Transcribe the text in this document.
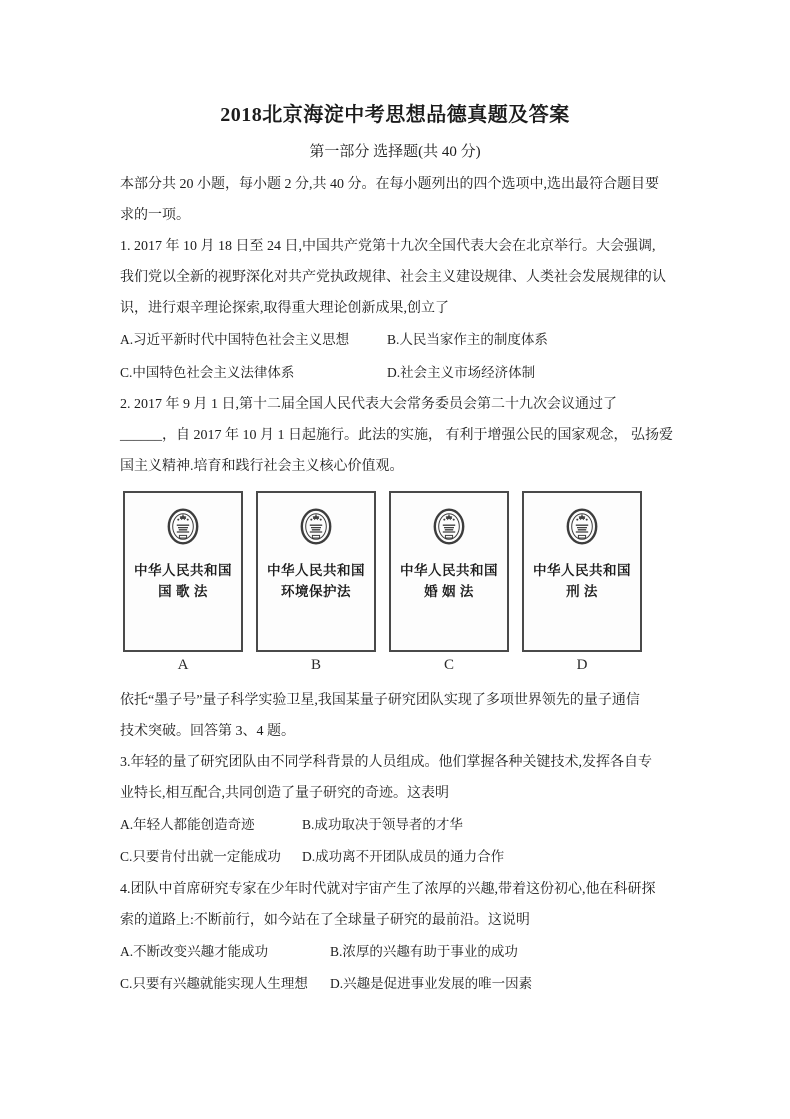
2018北京海淀中考思想品德真题及答案
第一部分 选择题(共 40 分)
本部分共 20 小题，每小题 2 分,共 40 分。在每小题列出的四个选项中,选出最符合题目要
求的一项。
1. 2017 年 10 月 18 日至 24 日,中国共产党第十九次全国代表大会在北京举行。大会强调,
我们党以全新的视野深化对共产党执政规律、社会主义建设规律、人类社会发展规律的认
识，进行艰辛理论探索,取得重大理论创新成果,创立了
A.习近平新时代中国特色社会主义思想	B.人民当家作主的制度体系
C.中国特色社会主义法律体系	D.社会主义市场经济体制
2. 2017 年 9 月 1 日,第十二届全国人民代表大会常务委员会第二十九次会议通过了
______，自 2017 年 10 月 1 日起施行。此法的实施， 有利于增强公民的国家观念， 弘扬爱
国主义精神.培育和践行社会主义核心价值观。
中华人民共和国
国 歌 法
A
中华人民共和国
环境保护法
B
中华人民共和国
婚 姻 法
C
中华人民共和国
刑 法
D
依托“墨子号”量子科学实验卫星,我国某量子研究团队实现了多项世界领先的量子通信
技术突破。回答第 3、4 题。
3.年轻的量了研究团队由不同学科背景的人员组成。他们掌握各种关键技术,发挥各自专
业特长,相互配合,共同创造了量子研究的奇迹。这表明
A.年轻人都能创造奇迹	B.成功取决于领导者的才华
C.只要肯付出就一定能成功 D.成功离不开团队成员的通力合作
4.团队中首席研究专家在少年时代就对宇宙产生了浓厚的兴趣,带着这份初心,他在科研探
索的道路上:不断前行，如今站在了全球量子研究的最前沿。这说明
A.不断改变兴趣才能成功	B.浓厚的兴趣有助于事业的成功
C.只要有兴趣就能实现人生理想 D.兴趣是促进事业发展的唯一因素
